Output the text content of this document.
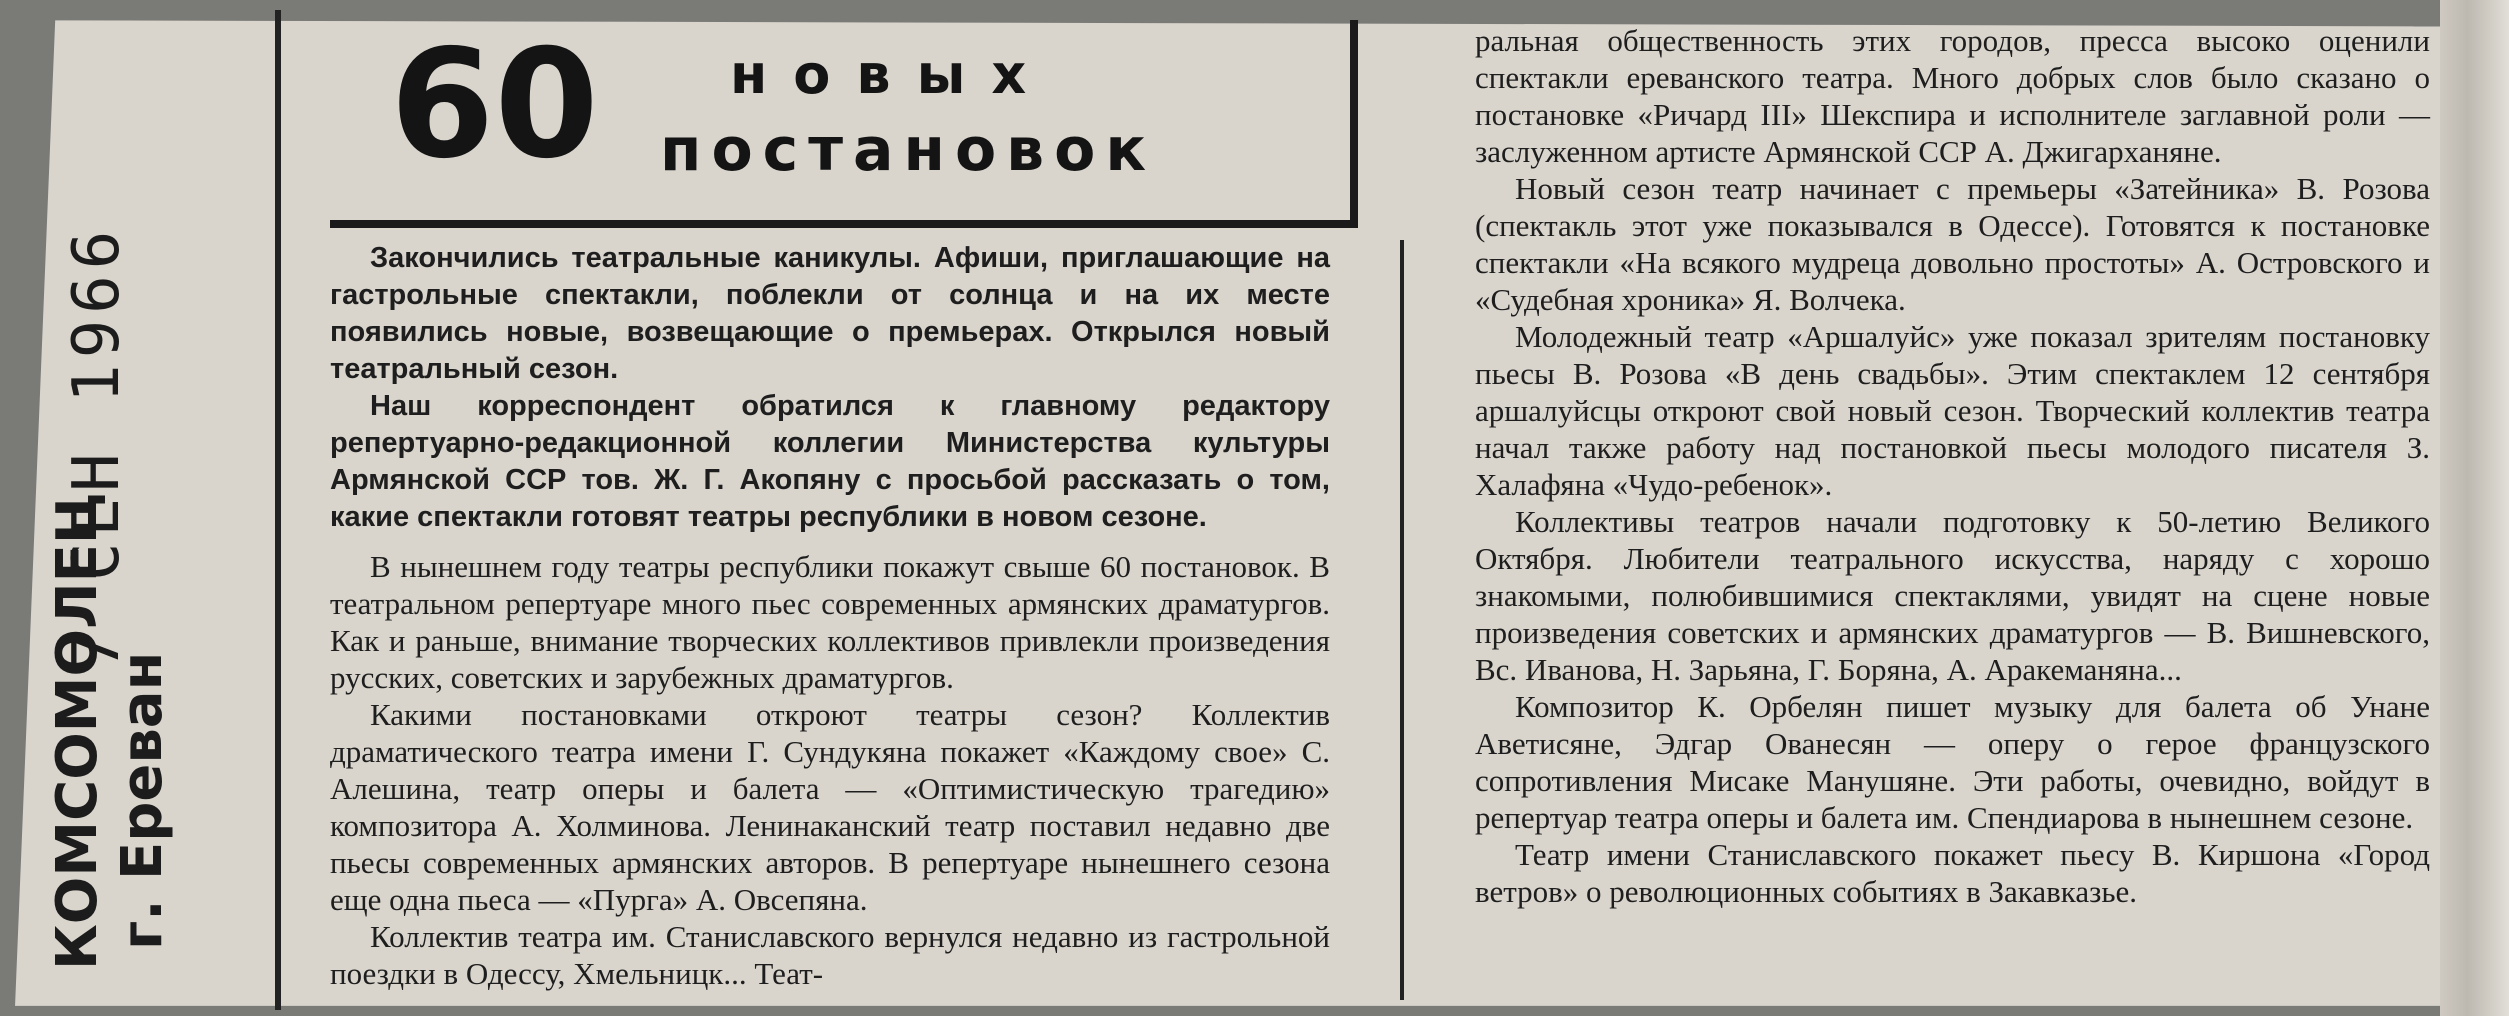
7 СЕН 1966
КОМСОМОЛЕЦ г. Ереван
60 новых
постановок

Закончились театральные каникулы. Афиши, приглашающие на гастрольные спектакли, поблекли от солнца и на их месте появились новые, возвещающие о премьерах. Открылся новый театральный сезон.

Наш корреспондент обратился к главному редактору репертуарно-редакционной коллегии Министерства культуры Армянской ССР тов. Ж. Г. Акопяну с просьбой рассказать о том, какие спектакли готовят театры республики в новом сезоне.

В нынешнем году театры республики покажут свыше 60 постановок. В театральном репертуаре много пьес современных армянских драматургов. Как и раньше, внимание творческих коллективов привлекли произведения русских, советских и зарубежных драматургов.

Какими постановками откроют театры сезон? Коллектив драматического театра имени Г. Сундукяна покажет «Каждому свое» С. Алешина, театр оперы и балета — «Оптимистическую трагедию» композитора А. Холминова. Ленинаканский театр поставил недавно две пьесы современных армянских авторов. В репертуаре нынешнего сезона еще одна пьеса — «Пурга» А. Овсепяна.

Коллектив театра им. Станиславского вернулся недавно из гастрольной поездки в Одессу, Хмельницк... Теат-

ральная общественность этих городов, пресса высоко оценили спектакли ереванского театра. Много добрых слов было сказано о постановке «Ричард III» Шекспира и исполнителе заглавной роли — заслуженном артисте Армянской ССР А. Джигарханяне.

Новый сезон театр начинает с премьеры «Затейника» В. Розова (спектакль этот уже показывался в Одессе). Готовятся к постановке спектакли «На всякого мудреца довольно простоты» А. Островского и «Судебная хроника» Я. Волчека.

Молодежный театр «Аршалуйс» уже показал зрителям постановку пьесы В. Розова «В день свадьбы». Этим спектаклем 12 сентября аршалуйсцы откроют свой новый сезон. Творческий коллектив театра начал также работу над постановкой пьесы молодого писателя З. Халафяна «Чудо-ребенок».

Коллективы театров начали подготовку к 50-летию Великого Октября. Любители театрального искусства, наряду с хорошо знакомыми, полюбившимися спектаклями, увидят на сцене новые произведения советских и армянских драматургов — В. Вишневского, Вс. Иванова, Н. Зарьяна, Г. Боряна, А. Аракеманяна...

Композитор К. Орбелян пишет музыку для балета об Унане Аветисяне, Эдгар Ованесян — оперу о герое французского сопротивления Мисаке Манушяне. Эти работы, очевидно, войдут в репертуар театра оперы и балета им. Спендиарова в нынешнем сезоне.

Театр имени Станиславского покажет пьесу В. Киршона «Город ветров» о революционных событиях в Закавказье.
